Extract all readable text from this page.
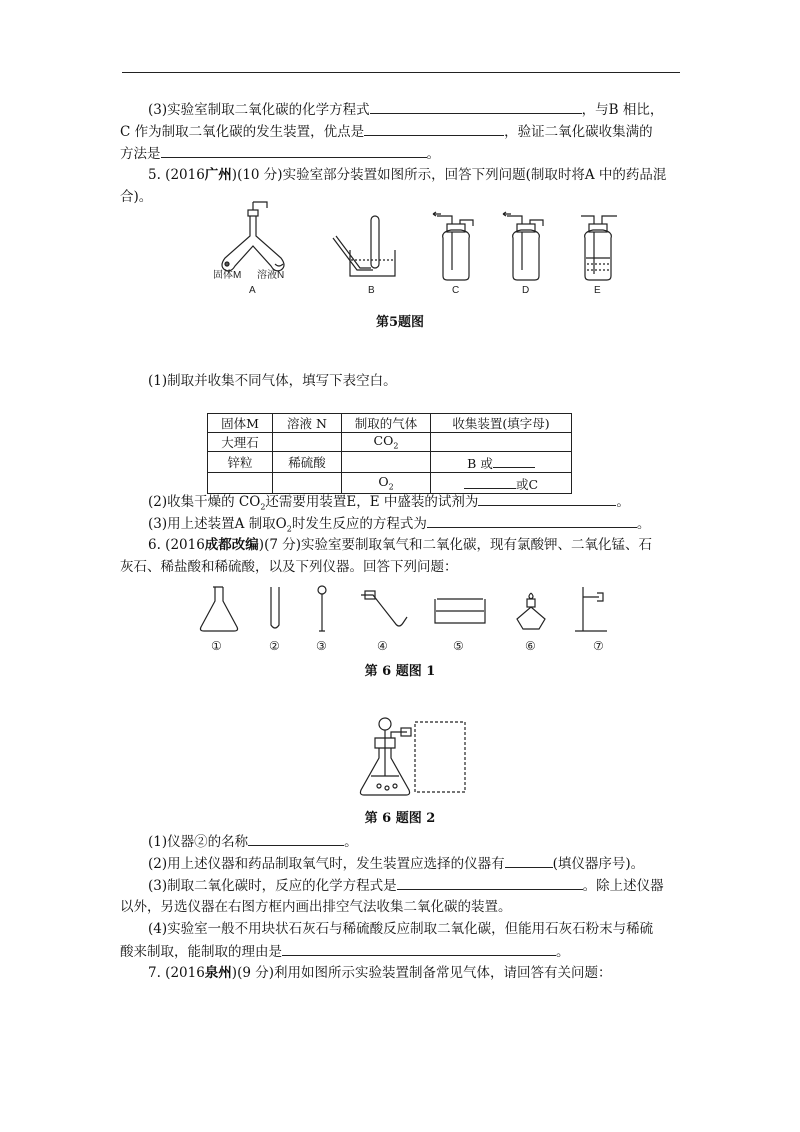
(3)实验室制取二氧化碳的化学方程式	，与B 相比，
C 作为制取二氧化碳的发生装置，优点是	，验证二氧化碳收集满的
方法是	。
5. (2016广州)(10 分)实验室部分装置如图所示，回答下列问题(制取时将A 中的药品混
合)。
固体M 溶液N
A	B	C	D	E
第5题图
(1)制取并收集不同气体，填写下表空白。
固体M	溶液 N	制取的气体	收集装置(填字母)
大理石		$CO_2$	
锌粒	稀硫酸		B 或
		$O_2$	或C
(2)收集干燥的 $CO_2$还需要用装置E，E 中盛装的试剂为	。
(3)用上述装置A 制取$O_2$时发生反应的方程式为	。
6. (2016成都改编)(7 分)实验室要制取氧气和二氧化碳，现有氯酸钾、二氧化锰、石
灰石、稀盐酸和稀硫酸，以及下列仪器。回答下列问题：
①	②	③	④	⑤	⑥	⑦
第 6 题图 1
第 6 题图 2
(1)仪器②的名称	。
(2)用上述仪器和药品制取氧气时，发生装置应选择的仪器有	(填仪器序号)。
(3)制取二氧化碳时，反应的化学方程式是	。除上述仪器
以外，另选仪器在右图方框内画出排空气法收集二氧化碳的装置。
(4)实验室一般不用块状石灰石与稀硫酸反应制取二氧化碳，但能用石灰石粉末与稀硫
酸来制取，能制取的理由是	。
7. (2016泉州)(9 分)利用如图所示实验装置制备常见气体，请回答有关问题：
